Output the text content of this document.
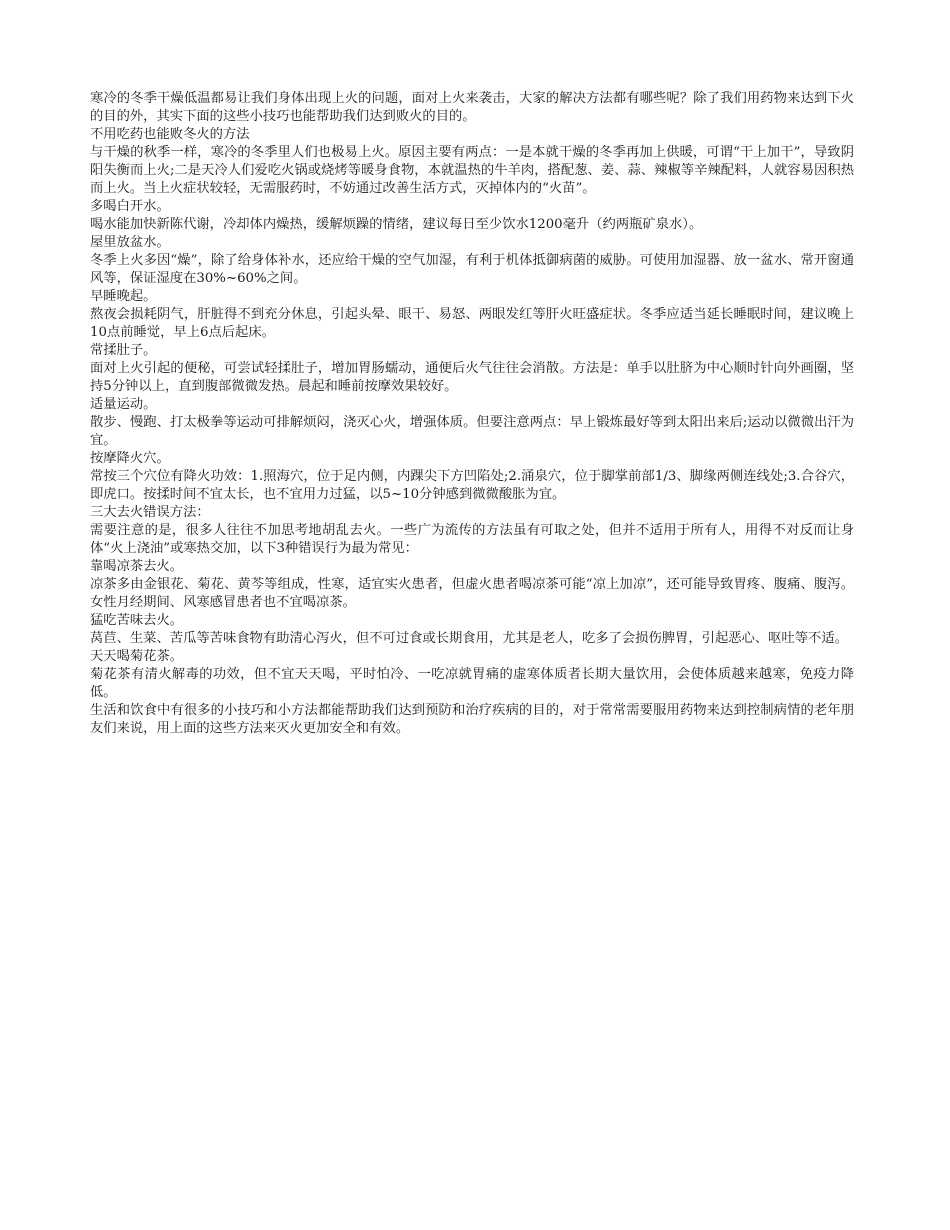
寒冷的冬季干燥低温都易让我们身体出现上火的问题，面对上火来袭击，大家的解决方法都有哪些呢？除了我们用药物来达到下火的目的外，其实下面的这些小技巧也能帮助我们达到败火的目的。

不用吃药也能败冬火的方法

与干燥的秋季一样，寒冷的冬季里人们也极易上火。原因主要有两点：一是本就干燥的冬季再加上供暖，可谓“干上加干”，导致阴阳失衡而上火;二是天冷人们爱吃火锅或烧烤等暖身食物，本就温热的牛羊肉，搭配葱、姜、蒜、辣椒等辛辣配料，人就容易因积热而上火。当上火症状较轻，无需服药时，不妨通过改善生活方式，灭掉体内的“火苗”。

多喝白开水。

喝水能加快新陈代谢，冷却体内燥热，缓解烦躁的情绪，建议每日至少饮水1200毫升（约两瓶矿泉水）。

屋里放盆水。

冬季上火多因“燥”，除了给身体补水，还应给干燥的空气加湿，有利于机体抵御病菌的威胁。可使用加湿器、放一盆水、常开窗通风等，保证湿度在30%~60%之间。

早睡晚起。

熬夜会损耗阴气，肝脏得不到充分休息，引起头晕、眼干、易怒、两眼发红等肝火旺盛症状。冬季应适当延长睡眠时间，建议晚上10点前睡觉，早上6点后起床。

常揉肚子。

面对上火引起的便秘，可尝试轻揉肚子，增加胃肠蠕动，通便后火气往往会消散。方法是：单手以肚脐为中心顺时针向外画圈，坚持5分钟以上，直到腹部微微发热。晨起和睡前按摩效果较好。

适量运动。

散步、慢跑、打太极拳等运动可排解烦闷，浇灭心火，增强体质。但要注意两点：早上锻炼最好等到太阳出来后;运动以微微出汗为宜。

按摩降火穴。

常按三个穴位有降火功效：1.照海穴，位于足内侧，内踝尖下方凹陷处;2.涌泉穴，位于脚掌前部1/3、脚缘两侧连线处;3.合谷穴，即虎口。按揉时间不宜太长，也不宜用力过猛，以5~10分钟感到微微酸胀为宜。

三大去火错误方法：

需要注意的是，很多人往往不加思考地胡乱去火。一些广为流传的方法虽有可取之处，但并不适用于所有人，用得不对反而让身体“火上浇油”或寒热交加，以下3种错误行为最为常见：

靠喝凉茶去火。

凉茶多由金银花、菊花、黄芩等组成，性寒，适宜实火患者，但虚火患者喝凉茶可能“凉上加凉”，还可能导致胃疼、腹痛、腹泻。女性月经期间、风寒感冒患者也不宜喝凉茶。

猛吃苦味去火。

莴苣、生菜、苦瓜等苦味食物有助清心泻火，但不可过食或长期食用，尤其是老人，吃多了会损伤脾胃，引起恶心、呕吐等不适。

天天喝菊花茶。

菊花茶有清火解毒的功效，但不宜天天喝，平时怕冷、一吃凉就胃痛的虚寒体质者长期大量饮用，会使体质越来越寒，免疫力降低。

生活和饮食中有很多的小技巧和小方法都能帮助我们达到预防和治疗疾病的目的，对于常常需要服用药物来达到控制病情的老年朋友们来说，用上面的这些方法来灭火更加安全和有效。
